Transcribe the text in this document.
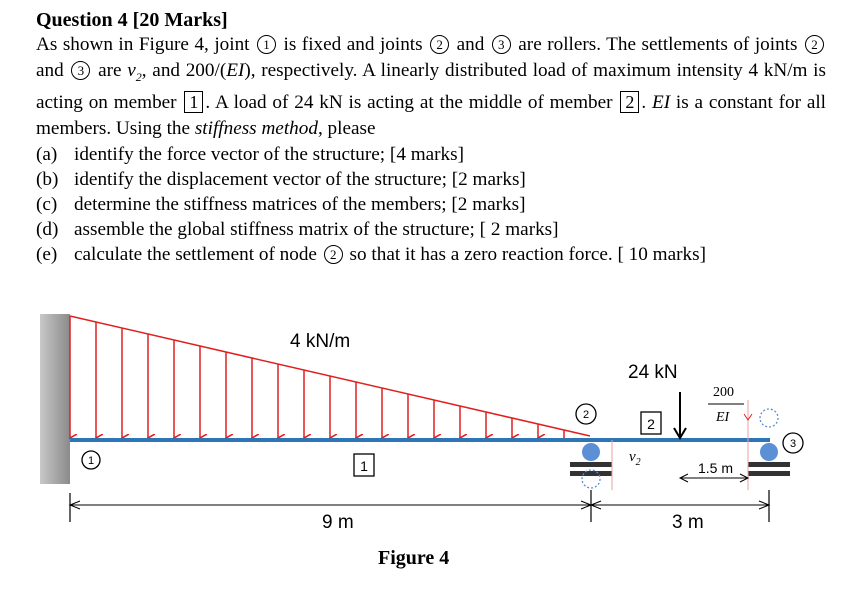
Question 4 [20 Marks]

As shown in Figure 4, joint 1 is fixed and joints 2 and 3 are rollers. The settlements of joints 2 and 3 are $v_2$, and 200/(EI), respectively. A linearly distributed load of maximum intensity 4 kN/m is acting on member 1 . A load of 24 kN is acting at the middle of member 2 . EI is a constant for all members. Using the stiffness method, please

(a) identify the force vector of the structure; [4 marks]
(b) identify the displacement vector of the structure; [2 marks]
(c) determine the stiffness matrices of the members; [2 marks]
(d) assemble the global stiffness matrix of the structure; [ 2 marks]
(e) calculate the settlement of node 2 so that it has a zero reaction force. [ 10 marks]
1
2
3
1
2
24 kN
$v_2$
200
EI
1.5 m
9 m	3 m
4 kN/m
Figure 4
